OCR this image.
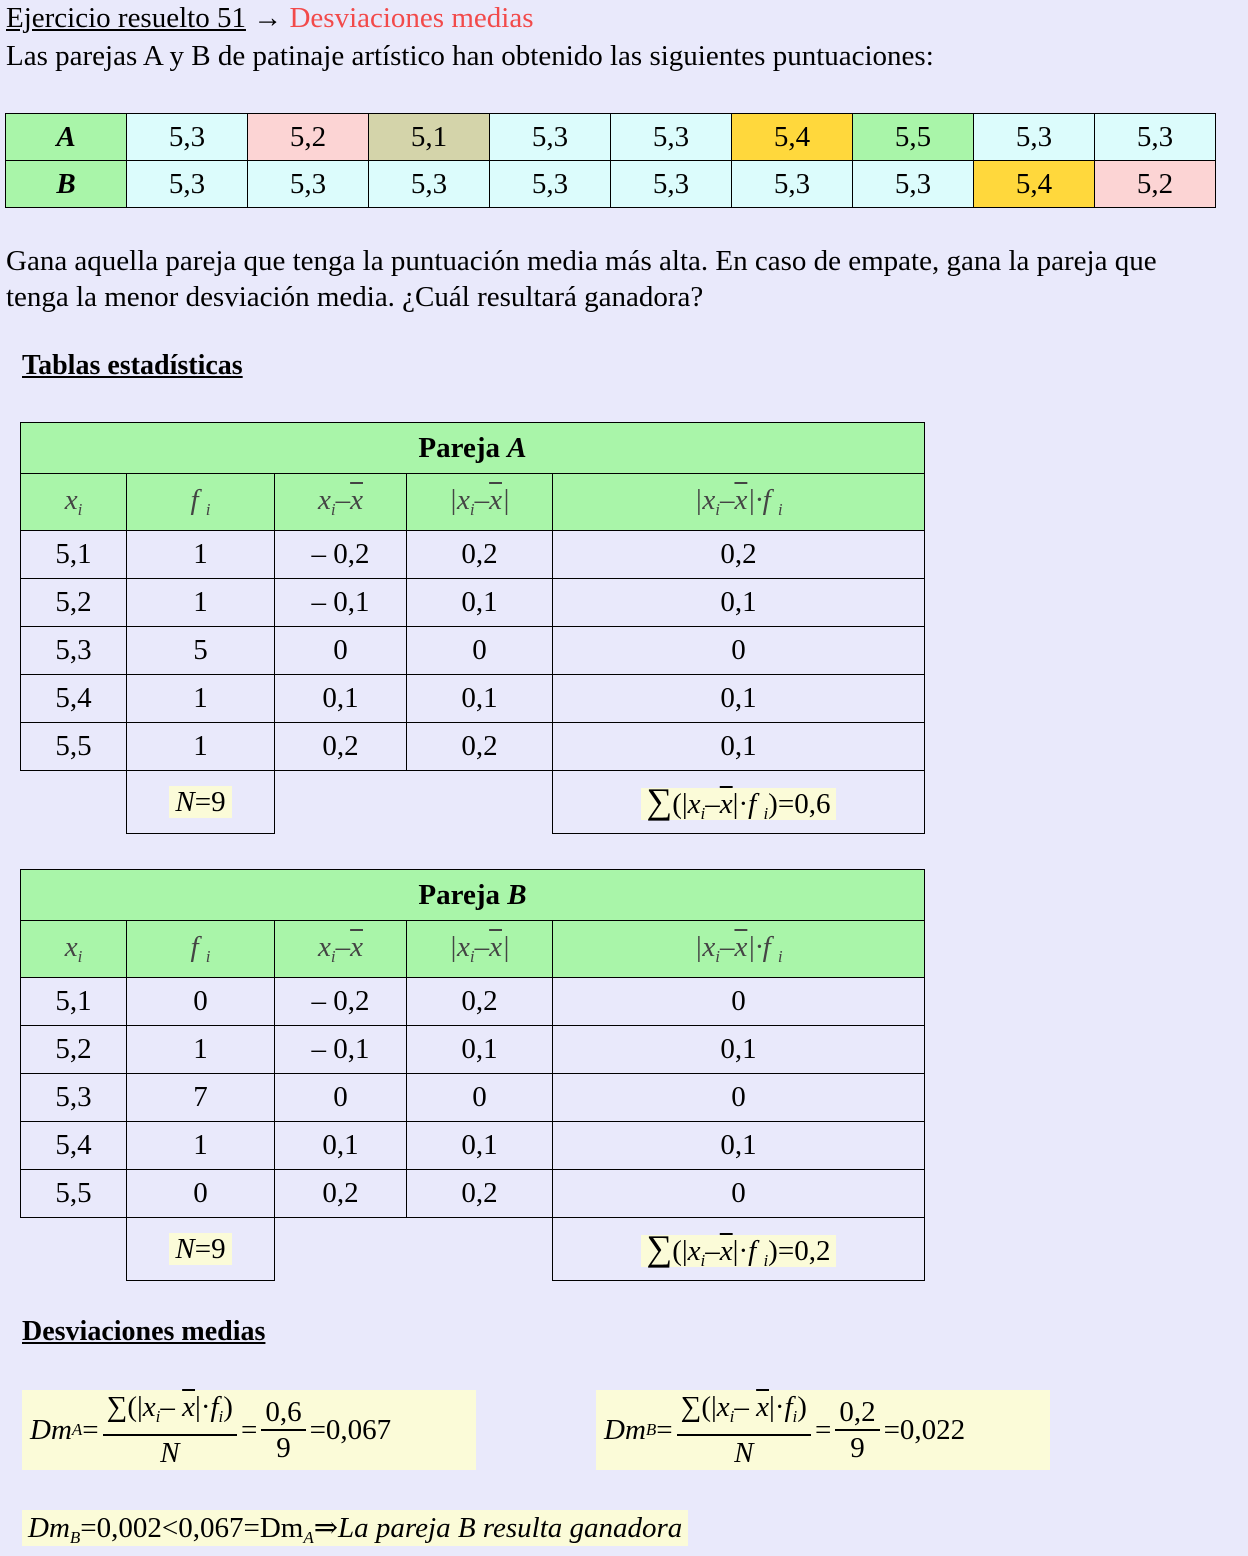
Ejercicio resuelto 51 → Desviaciones medias
Las parejas A y B de patinaje artístico han obtenido las siguientes puntuaciones:
A	5,3	5,2	5,1	5,3	5,3	5,4	5,5	5,3	5,3
B	5,3	5,3	5,3	5,3	5,3	5,3	5,3	5,4	5,2
Gana aquella pareja que tenga la puntuación media más alta. En caso de empate, gana la pareja que
tenga la menor desviación media. ¿Cuál resultará ganadora?
Tablas estadísticas
Pareja A				
$x_i$	f $_i$	$x_i-\overline{x}$	$|x_i-\overline{x}|$	$|x_i-\overline{x}|\cdot f$ $_i$
5,1	1	– 0,2	0,2	0,2
5,2	1	– 0,1	0,1	0,1
5,3	5	0	0	0
5,4	1	0,1	0,1	0,1
5,5	1	0,2	0,2	0,1
	N=9			$\sum(|x_i-\overline{x}|\cdot f$ $_i$)=0,6
Pareja B				
$x_i$	f $_i$	$x_i-\overline{x}$	$|x_i-\overline{x}|$	$|x_i-\overline{x}|\cdot f$ $_i$
5,1	0	– 0,2	0,2	0
5,2	1	– 0,1	0,1	0,1
5,3	7	0	0	0
5,4	1	0,1	0,1	0,1
5,5	0	0,2	0,2	0
	N=9			$\sum(|x_i-\overline{x}|\cdot f$ $_i$)=0,2
Desviaciones medias
Dm $A = \frac{\sum(|x_i- \overline{x}|\cdot f_i)}{N} = \frac{0,6}{9} =0,067$	Dm $B = \frac{\sum(|x_i- \overline{x}|\cdot f_i)}{N} = \frac{0,2}{9} =0,022$
$Dm_B=0,002<0,067=Dm_A\Rightarrow La$ pareja B resulta ganadora
